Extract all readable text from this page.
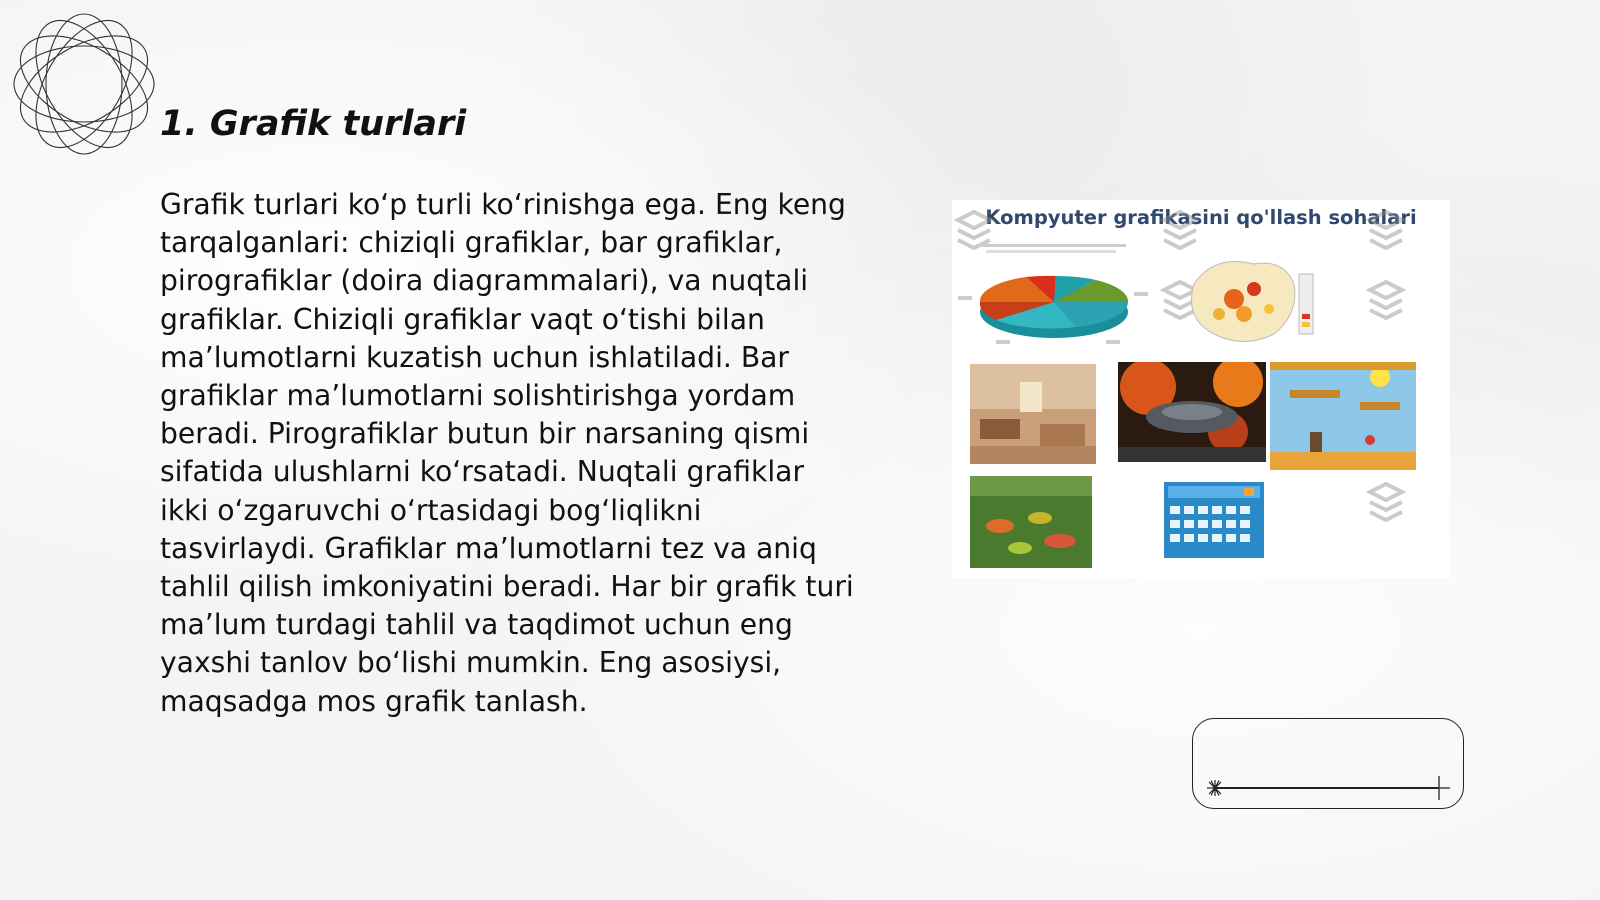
1. Grafik turlari

Grafik turlari ko‘p turli ko‘rinishga ega. Eng keng tarqalganlari: chiziqli grafiklar, bar grafiklar, pirografiklar (doira diagrammalari), va nuqtali grafiklar. Chiziqli grafiklar vaqt o‘tishi bilan ma’lumotlarni kuzatish uchun ishlatiladi. Bar grafiklar ma’lumotlarni solishtirishga yordam beradi. Pirografiklar butun bir narsaning qismi sifatida ulushlarni ko‘rsatadi. Nuqtali grafiklar ikki o‘zgaruvchi o‘rtasidagi bog‘liqlikni tasvirlaydi. Grafiklar ma’lumotlarni tez va aniq tahlil qilish imkoniyatini beradi. Har bir grafik turi ma’lum turdagi tahlil va taqdimot uchun eng yaxshi tanlov bo‘lishi mumkin. Eng asosiysi, maqsadga mos grafik tanlash.

Kompyuter grafikasini qo'llash sohalari
